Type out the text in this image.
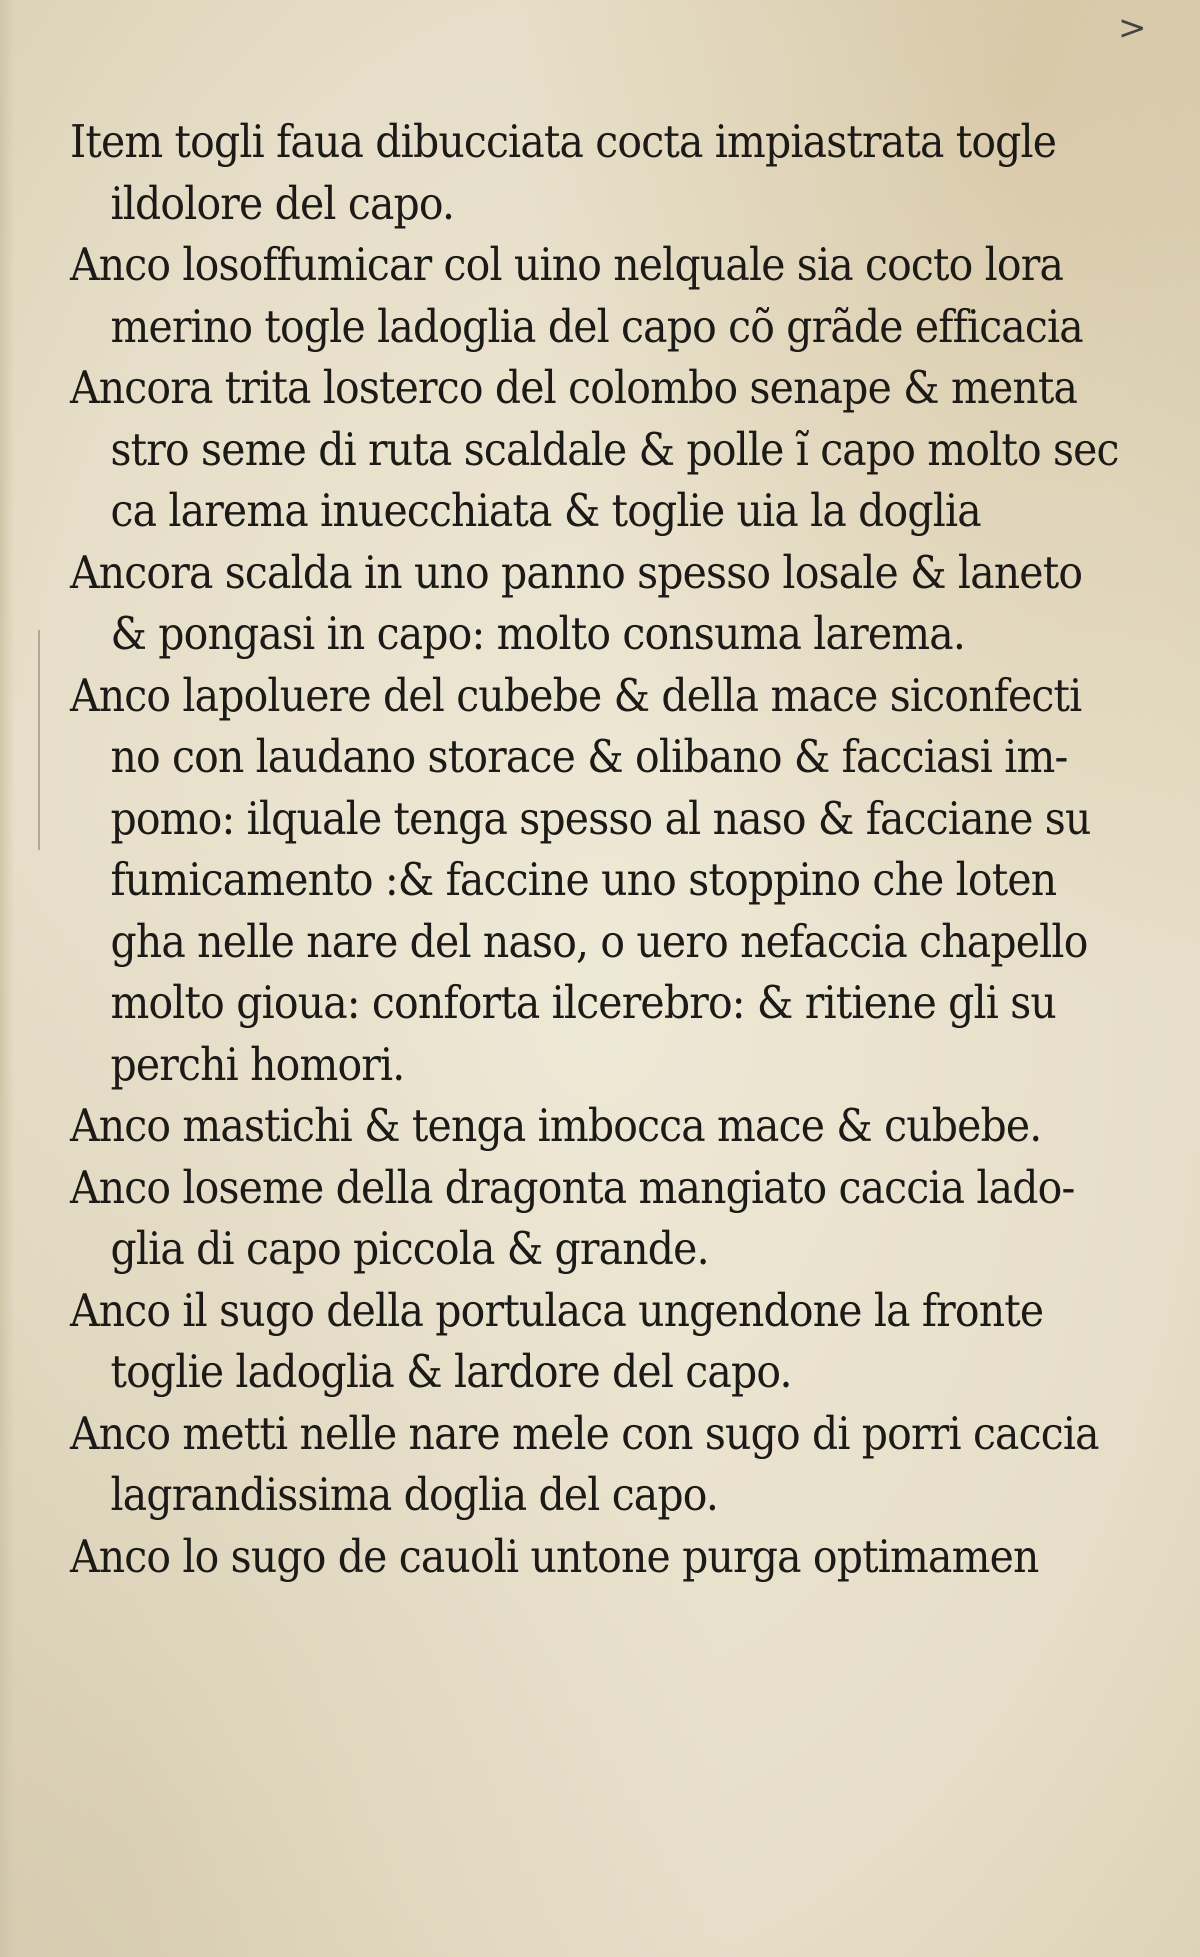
>
Item togli faua dibucciata cocta impiastrata togle
ildolore del capo.
Anco losoffumicar col uino nelquale sia cocto lora
merino togle ladoglia del capo cõ grãde efficacia
Ancora trita losterco del colombo senape & menta
stro seme di ruta scaldale & polle ĩ capo molto sec
ca larema inuecchiata & toglie uia la doglia
Ancora scalda in uno panno spesso losale & laneto
& pongasi in capo: molto consuma larema.
Anco lapoluere del cubebe & della mace siconfecti
no con laudano storace & olibano & facciasi im-
pomo: ilquale tenga spesso al naso & facciane su
fumicamento :& faccine uno stoppino che loten
gha nelle nare del naso, o uero nefaccia chapello
molto gioua: conforta ilcerebro: & ritiene gli su
perchi homori.
Anco mastichi & tenga imbocca mace & cubebe.
Anco loseme della dragonta mangiato caccia lado-
glia di capo piccola & grande.
Anco il sugo della portulaca ungendone la fronte
toglie ladoglia & lardore del capo.
Anco metti nelle nare mele con sugo di porri caccia
lagrandissima doglia del capo.
Anco lo sugo de cauoli untone purga optimamen
